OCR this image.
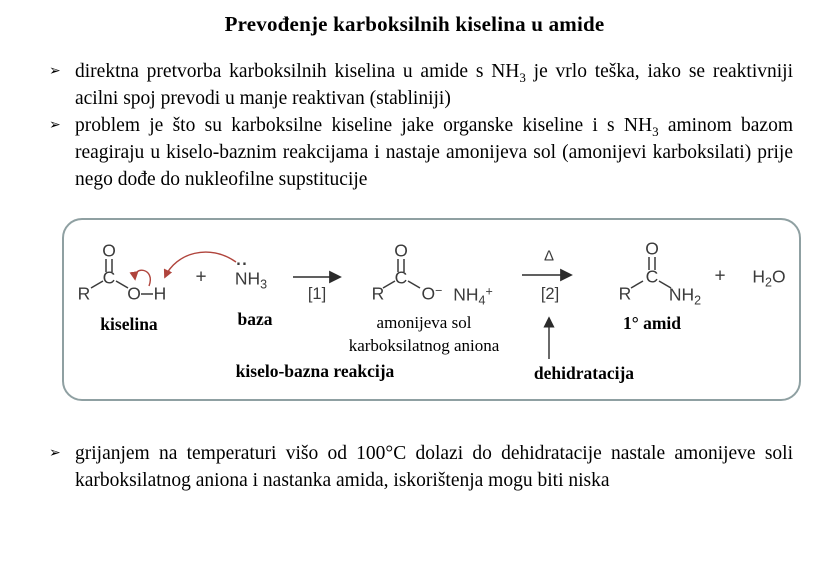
Prevođenje karboksilnih kiselina u amide
➢ direktna pretvorba karboksilnih kiselina u amide s $NH_3$ je vrlo teška, iako se reaktivniji acilni spoj prevodi u manje reaktivan (stabliniji)
➢ problem je što su karboksilne kiseline jake organske kiseline i s $NH_3$ aminom bazom reagiraju u kiselo-baznim reakcijama i nastaje amonijeva sol (amonijevi karboksilati) prije nego dođe do nukleofilne supstitucije
O
C
R O H
kiselina
+
··
$NH_3$
baza
[1]
O
C
R O− $NH_4^+$
amonijeva sol
karboksilatnog aniona
Δ
[2]
O
C
R $NH_2$
1° amid
+ $H_2O$
kiselo-bazna reakcija	dehidratacija
➢ grijanjem na temperaturi višo od 100°C dolazi do dehidratacije nastale amonijeve soli karboksilatnog aniona i nastanka amida, iskorištenja mogu biti niska
